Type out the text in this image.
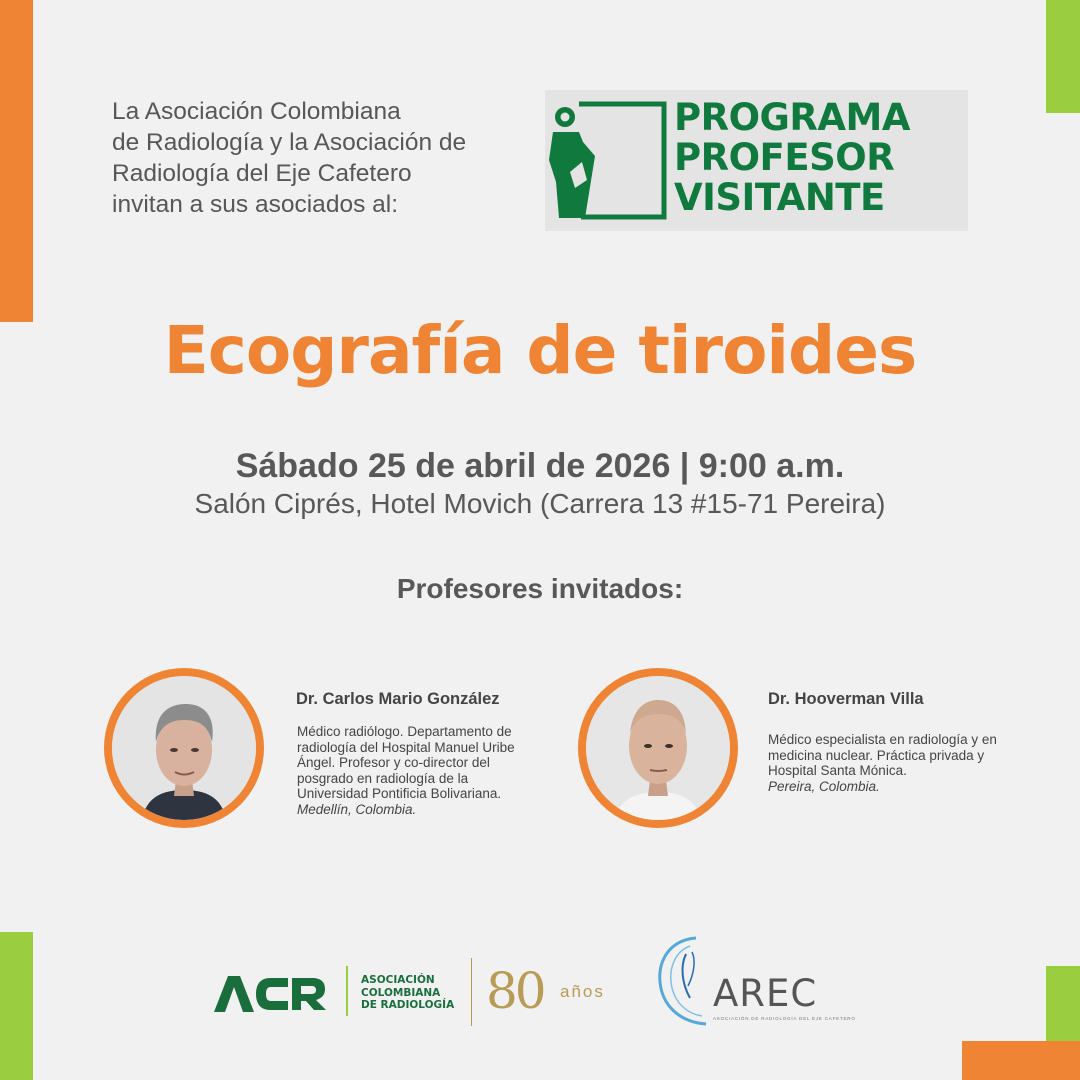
La Asociación Colombiana
de Radiología y la Asociación de
Radiología del Eje Cafetero
invitan a sus asociados al:
PROGRAMA
PROFESOR
VISITANTE
Ecografía de tiroides
Sábado 25 de abril de 2026 | 9:00 a.m.
Salón Ciprés, Hotel Movich (Carrera 13 #15-71 Pereira)
Profesores invitados:
Dr. Carlos Mario González
Médico radiólogo. Departamento de
radiología del Hospital Manuel Uribe
Ángel. Profesor y co-director del
posgrado en radiología de la
Universidad Pontificia Bolivariana.
Medellín, Colombia.
Dr. Hooverman Villa
Médico especialista en radiología y en
medicina nuclear. Práctica privada y
Hospital Santa Mónica.
Pereira, Colombia.
ASOCIACIÓN
COLOMBIANA
DE RADIOLOGÍA 80 años	AREC
ASOCIACIÓN DE RADIOLOGÍA DEL EJE CAFETERO
